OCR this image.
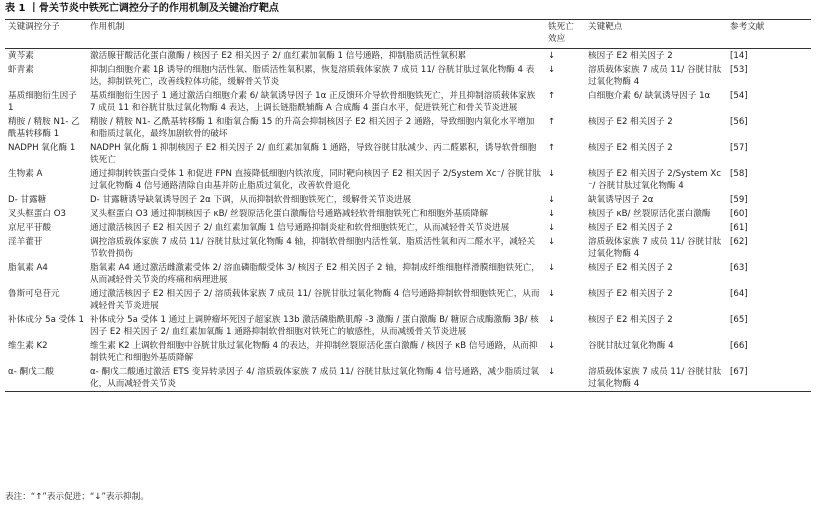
表 1 丨骨关节炎中铁死亡调控分子的作用机制及关键治疗靶点
关键调控分子	作用机制	铁死亡效应	关键靶点	参考文献
黄芩素	激活腺苷酸活化蛋白激酶 / 核因子 E2 相关因子 2/ 血红素加氧酶 1 信号通路，抑制脂质活性氧积累	↓	核因子 E2 相关因子 2	[14]
虾青素	抑制白细胞介素 1β 诱导的细胞内活性氧、脂质活性氧积累，恢复溶质载体家族 7 成员 11/ 谷胱甘肽过氧化物酶 4 表达，抑制铁死亡，改善线粒体功能，缓解骨关节炎	↓	溶质载体家族 7 成员 11/ 谷胱甘肽过氧化物酶 4	[53]
基质细胞衍生因子 1	基质细胞衍生因子 1 通过激活白细胞介素 6/ 缺氧诱导因子 1α 正反馈环介导软骨细胞铁死亡，并且抑制溶质载体家族 7 成员 11 和谷胱甘肽过氧化物酶 4 表达，上调长链脂酰辅酶 A 合成酶 4 蛋白水平，促进铁死亡和骨关节炎进展	↑	白细胞介素 6/ 缺氧诱导因子 1α	[54]
精胺 / 精胺 N1- 乙酰基转移酶 1	精胺 / 精胺 N1- 乙酰基转移酶 1 和脂氧合酶 15 的升高会抑制核因子 E2 相关因子 2 通路，导致细胞内氧化水平增加和脂质过氧化，最终加剧软骨的破坏	↑	核因子 E2 相关因子 2	[56]
NADPH 氧化酶 1	NADPH 氧化酶 1 抑制核因子 E2 相关因子 2/ 血红素加氧酶 1 通路，导致谷胱甘肽减少、丙二醛累积，诱导软骨细胞铁死亡	↑	核因子 E2 相关因子 2	[57]
生物素 A	通过抑制转铁蛋白受体 1 和促进 FPN 直接降低细胞内铁浓度，同时靶向核因子 E2 相关因子 2/System Xc⁻/ 谷胱甘肽过氧化物酶 4 信号通路清除自由基并防止脂质过氧化，改善软骨退化	↓	核因子 E2 相关因子 2/System Xc⁻/ 谷胱甘肽过氧化物酶 4	[58]
D- 甘露糖	D- 甘露糖诱导缺氧诱导因子 2α 下调，从而抑制软骨细胞铁死亡，缓解骨关节炎进展	↓	缺氧诱导因子 2α	[59]
叉头框蛋白 O3	叉头框蛋白 O3 通过抑制核因子 κB/ 丝裂原活化蛋白激酶信号通路减轻软骨细胞铁死亡和细胞外基质降解	↓	核因子 κB/ 丝裂原活化蛋白激酶	[60]
京尼平苷酸	通过激活核因子 E2 相关因子 2/ 血红素加氧酶 1 信号通路抑制炎症和软骨细胞铁死亡，从而减轻骨关节炎进展	↓	核因子 E2 相关因子 2	[61]
淫羊藿苷	调控溶质载体家族 7 成员 11/ 谷胱甘肽过氧化物酶 4 轴，抑制软骨细胞内活性氧、脂质活性氧和丙二醛水平，减轻关节软骨损伤	↓	溶质载体家族 7 成员 11/ 谷胱甘肽过氧化物酶 4	[62]
脂氧素 A4	脂氧素 A4 通过激活雌激素受体 2/ 溶血磷脂酸受体 3/ 核因子 E2 相关因子 2 轴，抑制成纤维细胞样滑膜细胞铁死亡，从而减轻骨关节炎的疼痛和病理进展	↓	核因子 E2 相关因子 2	[63]
鲁斯可皂苷元	通过激活核因子 E2 相关因子 2/ 溶质载体家族 7 成员 11/ 谷胱甘肽过氧化物酶 4 信号通路抑制软骨细胞铁死亡，从而减轻骨关节炎进展	↓	核因子 E2 相关因子 2	[64]
补体成分 5a 受体 1	补体成分 5a 受体 1 通过上调肿瘤坏死因子超家族 13b 激活磷脂酰肌醇 -3 激酶 / 蛋白激酶 B/ 糖原合成酶激酶 3β/ 核因子 E2 相关因子 2/ 血红素加氧酶 1 通路抑制软骨细胞对铁死亡的敏感性，从而减缓骨关节炎进展	↓	核因子 E2 相关因子 2	[65]
维生素 K2	维生素 K2 上调软骨细胞中谷胱甘肽过氧化物酶 4 的表达，并抑制丝裂原活化蛋白激酶 / 核因子 κB 信号通路，从而抑制铁死亡和细胞外基质降解	↓	谷胱甘肽过氧化物酶 4	[66]
α- 酮戊二酸	α- 酮戊二酸通过激活 ETS 变异转录因子 4/ 溶质载体家族 7 成员 11/ 谷胱甘肽过氧化物酶 4 信号通路，减少脂质过氧化，从而减轻骨关节炎	↓	溶质载体家族 7 成员 11/ 谷胱甘肽过氧化物酶 4	[67]
表注：“↑”表示促进；“↓”表示抑制。
